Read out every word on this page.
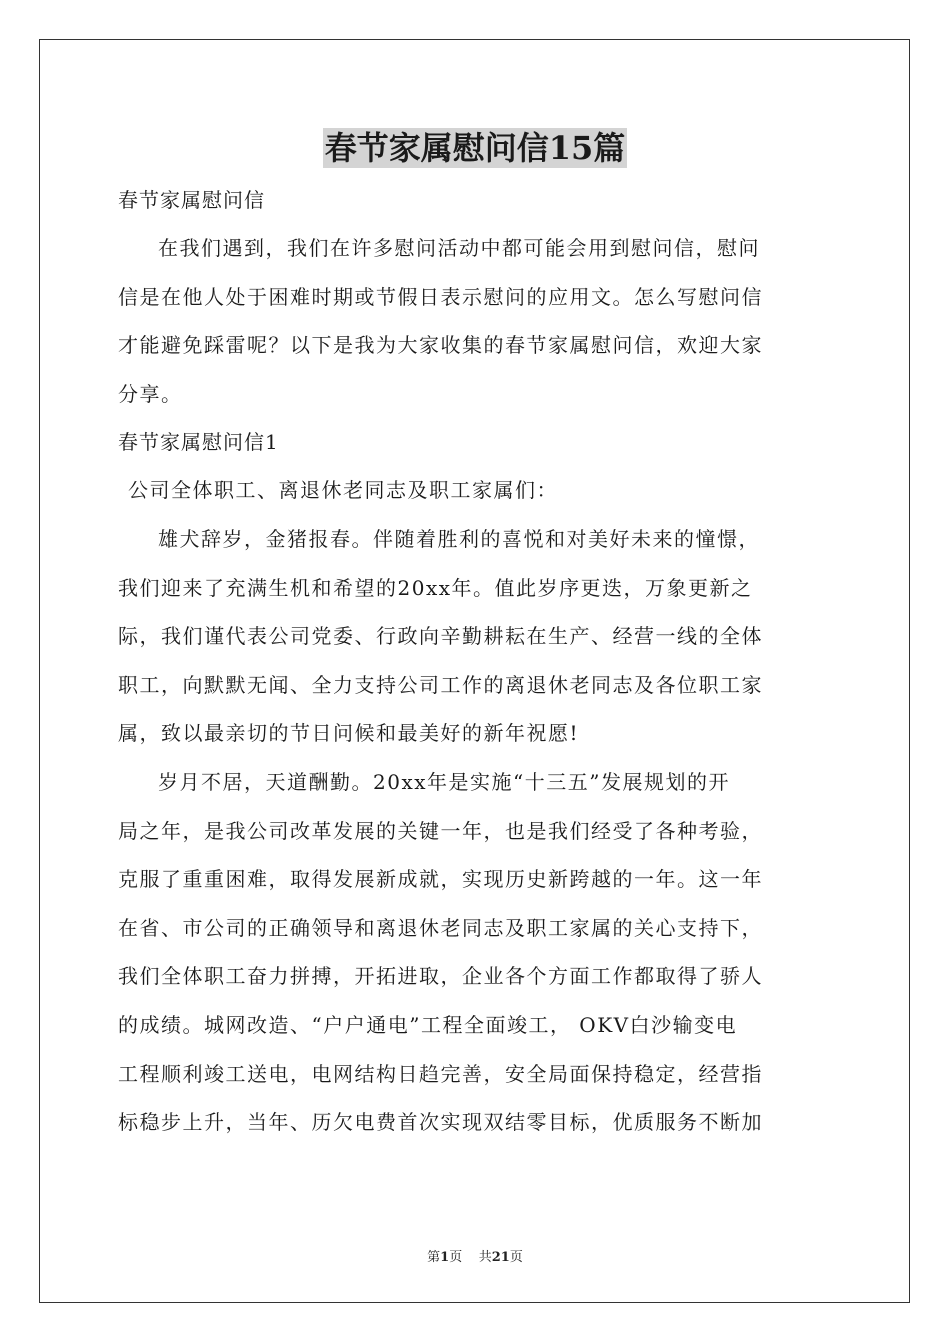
春节家属慰问信15篇
春节家属慰问信
在我们遇到，我们在许多慰问活动中都可能会用到慰问信，慰问
信是在他人处于困难时期或节假日表示慰问的应用文。怎么写慰问信
才能避免踩雷呢？以下是我为大家收集的春节家属慰问信，欢迎大家
分享。
春节家属慰问信1
公司全体职工、离退休老同志及职工家属们：
雄犬辞岁，金猪报春。伴随着胜利的喜悦和对美好未来的憧憬，
我们迎来了充满生机和希望的20xx年。值此岁序更迭，万象更新之
际，我们谨代表公司党委、行政向辛勤耕耘在生产、经营一线的全体
职工，向默默无闻、全力支持公司工作的离退休老同志及各位职工家
属，致以最亲切的节日问候和最美好的新年祝愿!
岁月不居，天道酬勤。20xx年是实施“十三五”发展规划的开
局之年，是我公司改革发展的关键一年，也是我们经受了各种考验，
克服了重重困难，取得发展新成就，实现历史新跨越的一年。这一年
在省、市公司的正确领导和离退休老同志及职工家属的关心支持下，
我们全体职工奋力拼搏，开拓进取，企业各个方面工作都取得了骄人
的成绩。城网改造、“户户通电”工程全面竣工， OKV白沙输变电
工程顺利竣工送电，电网结构日趋完善，安全局面保持稳定，经营指
标稳步上升，当年、历欠电费首次实现双结零目标，优质服务不断加
第1页    共21页
